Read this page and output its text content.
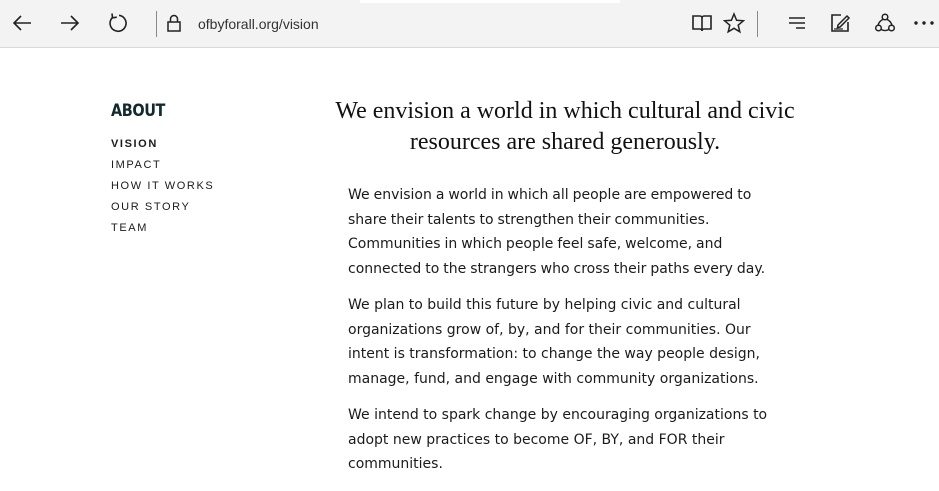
ofbyforall.org/vision
ABOUT
VISION
IMPACT
HOW IT WORKS
OUR STORY
TEAM
We envision a world in which cultural and civic
resources are shared generously.

We envision a world in which all people are empowered to share their talents to strengthen their communities. Communities in which people feel safe, welcome, and connected to the strangers who cross their paths every day.

We plan to build this future by helping civic and cultural organizations grow of, by, and for their communities. Our intent is transformation: to change the way people design, manage, fund, and engage with community organizations.

We intend to spark change by encouraging organizations to adopt new practices to become OF, BY, and FOR their communities.
